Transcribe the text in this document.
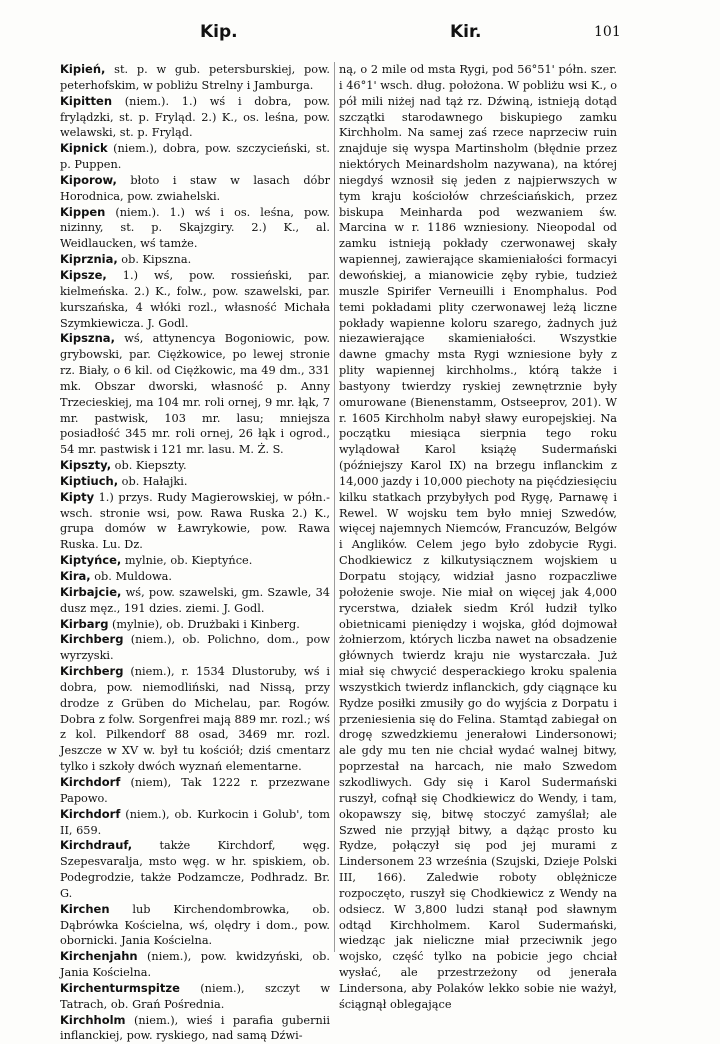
Kip.	Kir.	101

Kipień, st. p. w gub. petersburskiej, pow. peterhofskim, w pobliżu Strelny i Jamburga.

Kipitten (niem.). 1.) wś i dobra, pow. frylądzki, st. p. Fryląd. 2.) K., os. leśna, pow. welawski, st. p. Fryląd.

Kipnick (niem.), dobra, pow. szczycieński, st. p. Puppen.

Kiporow, błoto i staw w lasach dóbr Horodnica, pow. zwiahelski.

Kippen (niem.). 1.) wś i os. leśna, pow. nizinny, st. p. Skajzgiry. 2.) K., al. Weidlaucken, wś tamże.

Kiprznia, ob. Kipszna.

Kipsze, 1.) wś, pow. rossieński, par. kielmeńska. 2.) K., folw., pow. szawelski, par. kurszańska, 4 włóki rozl., własność Michała Szymkiewicza. J. Godl.

Kipszna, wś, attynencya Bogoniowic, pow. grybowski, par. Ciężkowice, po lewej stronie rz. Biały, o 6 kil. od Ciężkowic, ma 49 dm., 331 mk. Obszar dworski, własność p. Anny Trzecieskiej, ma 104 mr. roli ornej, 9 mr. łąk, 7 mr. pastwisk, 103 mr. lasu; mniejsza posiadłość 345 mr. roli ornej, 26 łąk i ogrod., 54 mr. pastwisk i 121 mr. lasu. M. Ż. S.

Kipszty, ob. Kiepszty.

Kiptiuch, ob. Hałajki.

Kipty 1.) przys. Rudy Magierowskiej, w półn.-wsch. stronie wsi, pow. Rawa Ruska 2.) K., grupa domów w Ławrykowie, pow. Rawa Ruska. Lu. Dz.

Kiptyńce, mylnie, ob. Kieptyńce.

Kira, ob. Muldowa.

Kirbajcie, wś, pow. szawelski, gm. Szawle, 34 dusz męz., 191 dzies. ziemi. J. Godl.

Kirbarg (mylnie), ob. Drużbaki i Kinberg.

Kirchberg (niem.), ob. Polichno, dom., pow wyrzyski.

Kirchberg (niem.), r. 1534 Dlustoruby, wś i dobra, pow. niemodliński, nad Nissą, przy drodze z Grüben do Michelau, par. Rogów. Dobra z folw. Sorgenfrei mają 889 mr. rozl.; wś z kol. Pilkendorf 88 osad, 3469 mr. rozl. Jeszcze w XV w. był tu kościół; dziś cmentarz tylko i szkoły dwóch wyznań elementarne.

Kirchdorf (niem), Tak 1222 r. przezwane Papowo.

Kirchdorf (niem.), ob. Kurkocin i Golub', tom II, 659.

Kirchdrauf, także Kirchdorf, węg. Szepesvaralja, msto węg. w hr. spiskiem, ob. Podegrodzie, także Podzamcze, Podhradz. Br. G.

Kirchen lub Kirchendombrowka, ob. Dąbrówka Kościelna, wś, olędry i dom., pow. obornicki. Jania Kościelna.

Kirchenjahn (niem.), pow. kwidzyński, ob. Jania Kościelna.

Kirchenturmspitze (niem.), szczyt w Tatrach, ob. Grań Pośrednia.

Kirchholm (niem.), wieś i parafia gubernii inflanckiej, pow. ryskiego, nad samą Dźwi-

ną, o 2 mile od msta Rygi, pod 56°51' półn. szer. i 46°1' wsch. dług. położona. W pobliżu wsi K., o pół mili niżej nad tąż rz. Dźwiną, istnieją dotąd szczątki starodawnego biskupiego zamku Kirchholm. Na samej zaś rzece naprzeciw ruin znajduje się wyspa Martinsholm (błędnie przez niektórych Meinardsholm nazywana), na której niegdyś wznosił się jeden z najpierwszych w tym kraju kościołów chrześciańskich, przez biskupa Meinharda pod wezwaniem św. Marcina w r. 1186 wzniesiony. Nieopodal od zamku istnieją pokłady czerwonawej skały wapiennej, zawierające skamieniałości formacyi dewońskiej, a mianowicie zęby rybie, tudzież muszle Spirifer Verneuilli i Enomphalus. Pod temi pokładami plity czerwonawej leżą liczne pokłady wapienne koloru szarego, żadnych już niezawierające skamieniałości. Wszystkie dawne gmachy msta Rygi wzniesione były z plity wapiennej kirchholms., którą także i bastyony twierdzy ryskiej zewnętrznie były omurowane (Bienenstamm, Ostseeprov, 201). W r. 1605 Kirchholm nabył sławy europejskiej. Na początku miesiąca sierpnia tego roku wylądował Karol książę Sudermański (późniejszy Karol IX) na brzegu inflanckim z 14,000 jazdy i 10,000 piechoty na pięćdziesięciu kilku statkach przybyłych pod Rygę, Parnawę i Rewel. W wojsku tem było mniej Szwedów, więcej najemnych Niemców, Francuzów, Belgów i Anglików. Celem jego było zdobycie Rygi. Chodkiewicz z kilkutysiącznem wojskiem u Dorpatu stojący, widział jasno rozpaczliwe położenie swoje. Nie miał on więcej jak 4,000 rycerstwa, działek siedm Król łudził tylko obietnicami pieniędzy i wojska, głód dojmował żołnierzom, których liczba nawet na obsadzenie głównych twierdz kraju nie wystarczała. Już miał się chwycić desperackiego kroku spalenia wszystkich twierdz inflanckich, gdy ciągnące ku Rydze posiłki zmusiły go do wyjścia z Dorpatu i przeniesienia się do Felina. Stamtąd zabiegał on drogę szwedzkiemu jenerałowi Lindersonowi; ale gdy mu ten nie chciał wydać walnej bitwy, poprzestał na harcach, nie mało Szwedom szkodliwych. Gdy się i Karol Sudermański ruszył, cofnął się Chodkiewicz do Wendy, i tam, okopawszy się, bitwę stoczyć zamyślał; ale Szwed nie przyjął bitwy, a dążąc prosto ku Rydze, połączył się pod jej murami z Lindersonem 23 września (Szujski, Dzieje Polski III, 166). Zaledwie roboty oblężnicze rozpoczęto, ruszył się Chodkiewicz z Wendy na odsiecz. W 3,800 ludzi stanął pod sławnym odtąd Kirchholmem. Karol Sudermański, wiedząc jak nieliczne miał przeciwnik jego wojsko, część tylko na pobicie jego chciał wysłać, ale przestrzeżony od jenerała Lindersona, aby Polaków lekko sobie nie ważył, ściągnął oblegające
